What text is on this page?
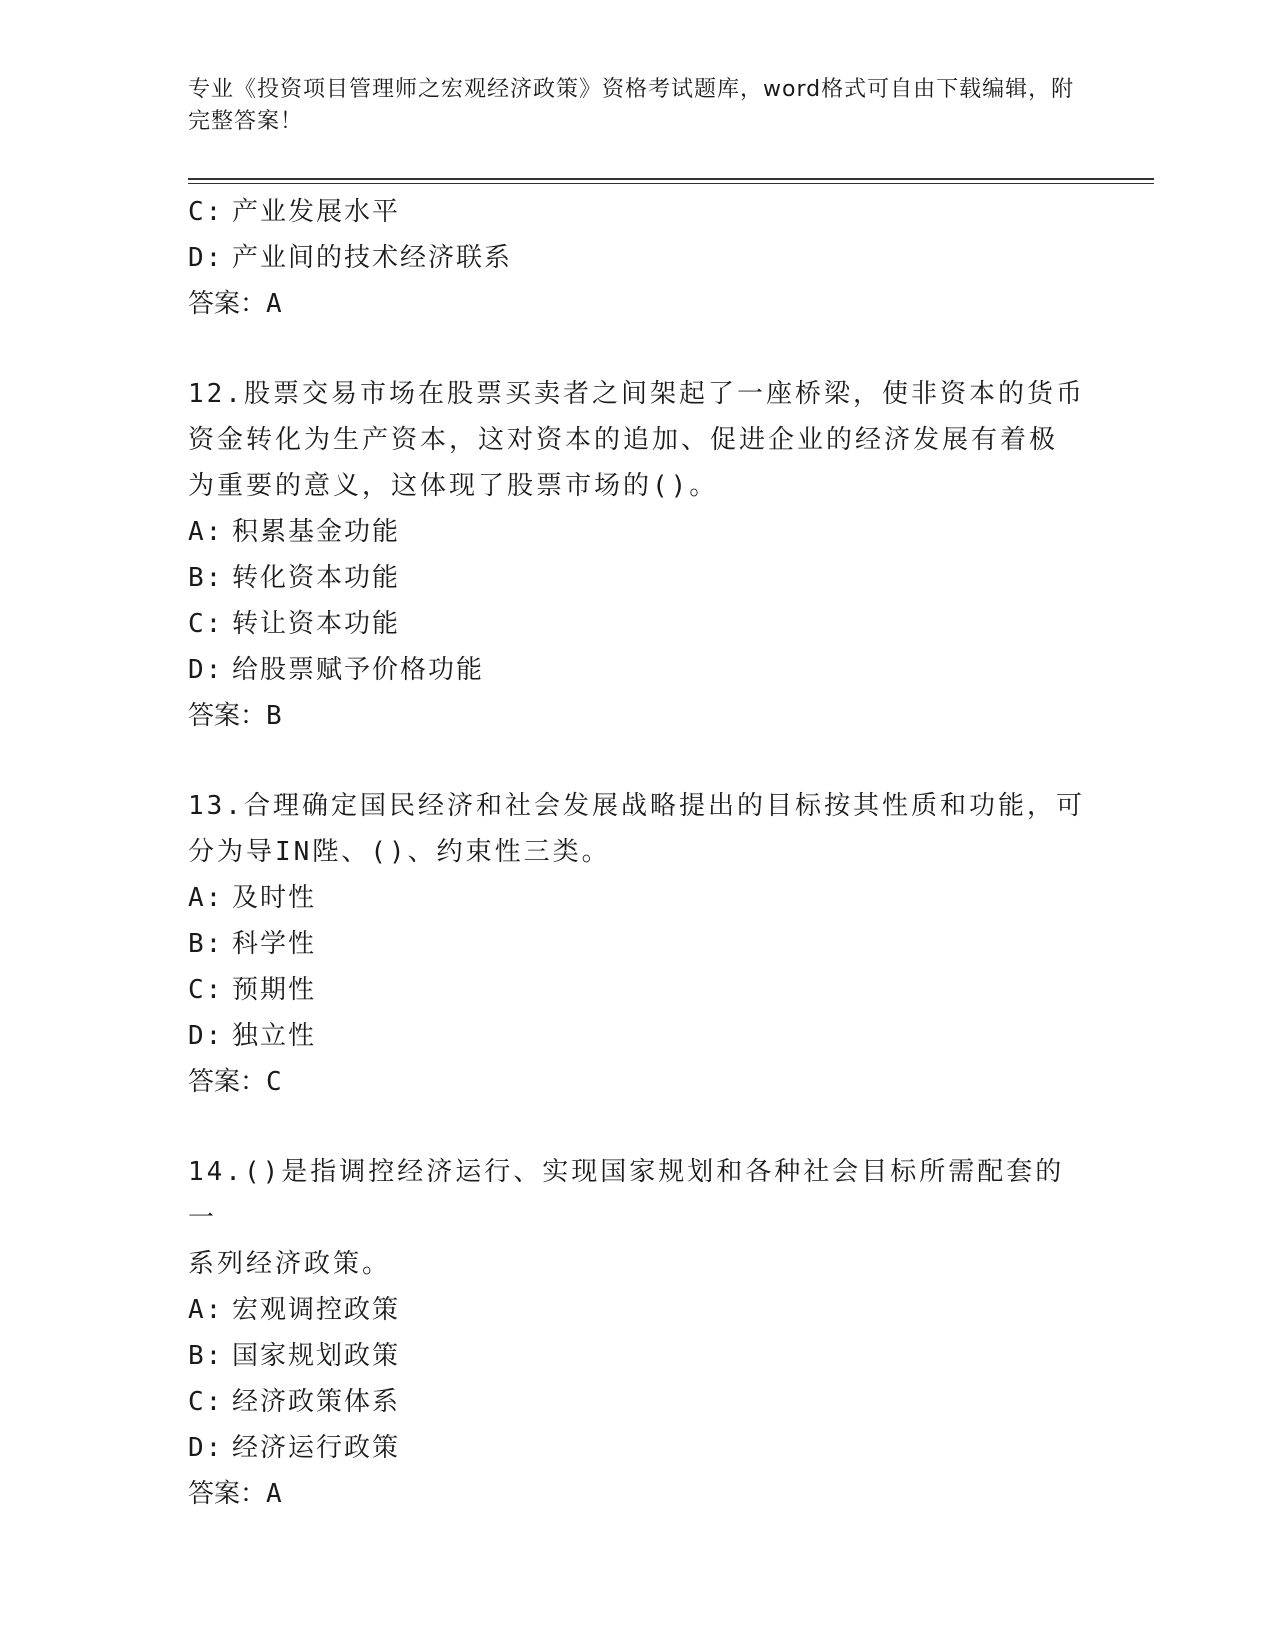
专业《投资项目管理师之宏观经济政策》资格考试题库，word格式可自由下载编辑，附完整答案！
C: 产业发展水平
D: 产业间的技术经济联系
答案：A
12.股票交易市场在股票买卖者之间架起了一座桥梁，使非资本的货币
资金转化为生产资本，这对资本的追加、促进企业的经济发展有着极
为重要的意义，这体现了股票市场的()。
A: 积累基金功能
B: 转化资本功能
C: 转让资本功能
D: 给股票赋予价格功能
答案：B
13.合理确定国民经济和社会发展战略提出的目标按其性质和功能，可
分为导IN陛、()、约束性三类。
A: 及时性
B: 科学性
C: 预期性
D: 独立性
答案：C
14.()是指调控经济运行、实现国家规划和各种社会目标所需配套的一
系列经济政策。
A: 宏观调控政策
B: 国家规划政策
C: 经济政策体系
D: 经济运行政策
答案：A
